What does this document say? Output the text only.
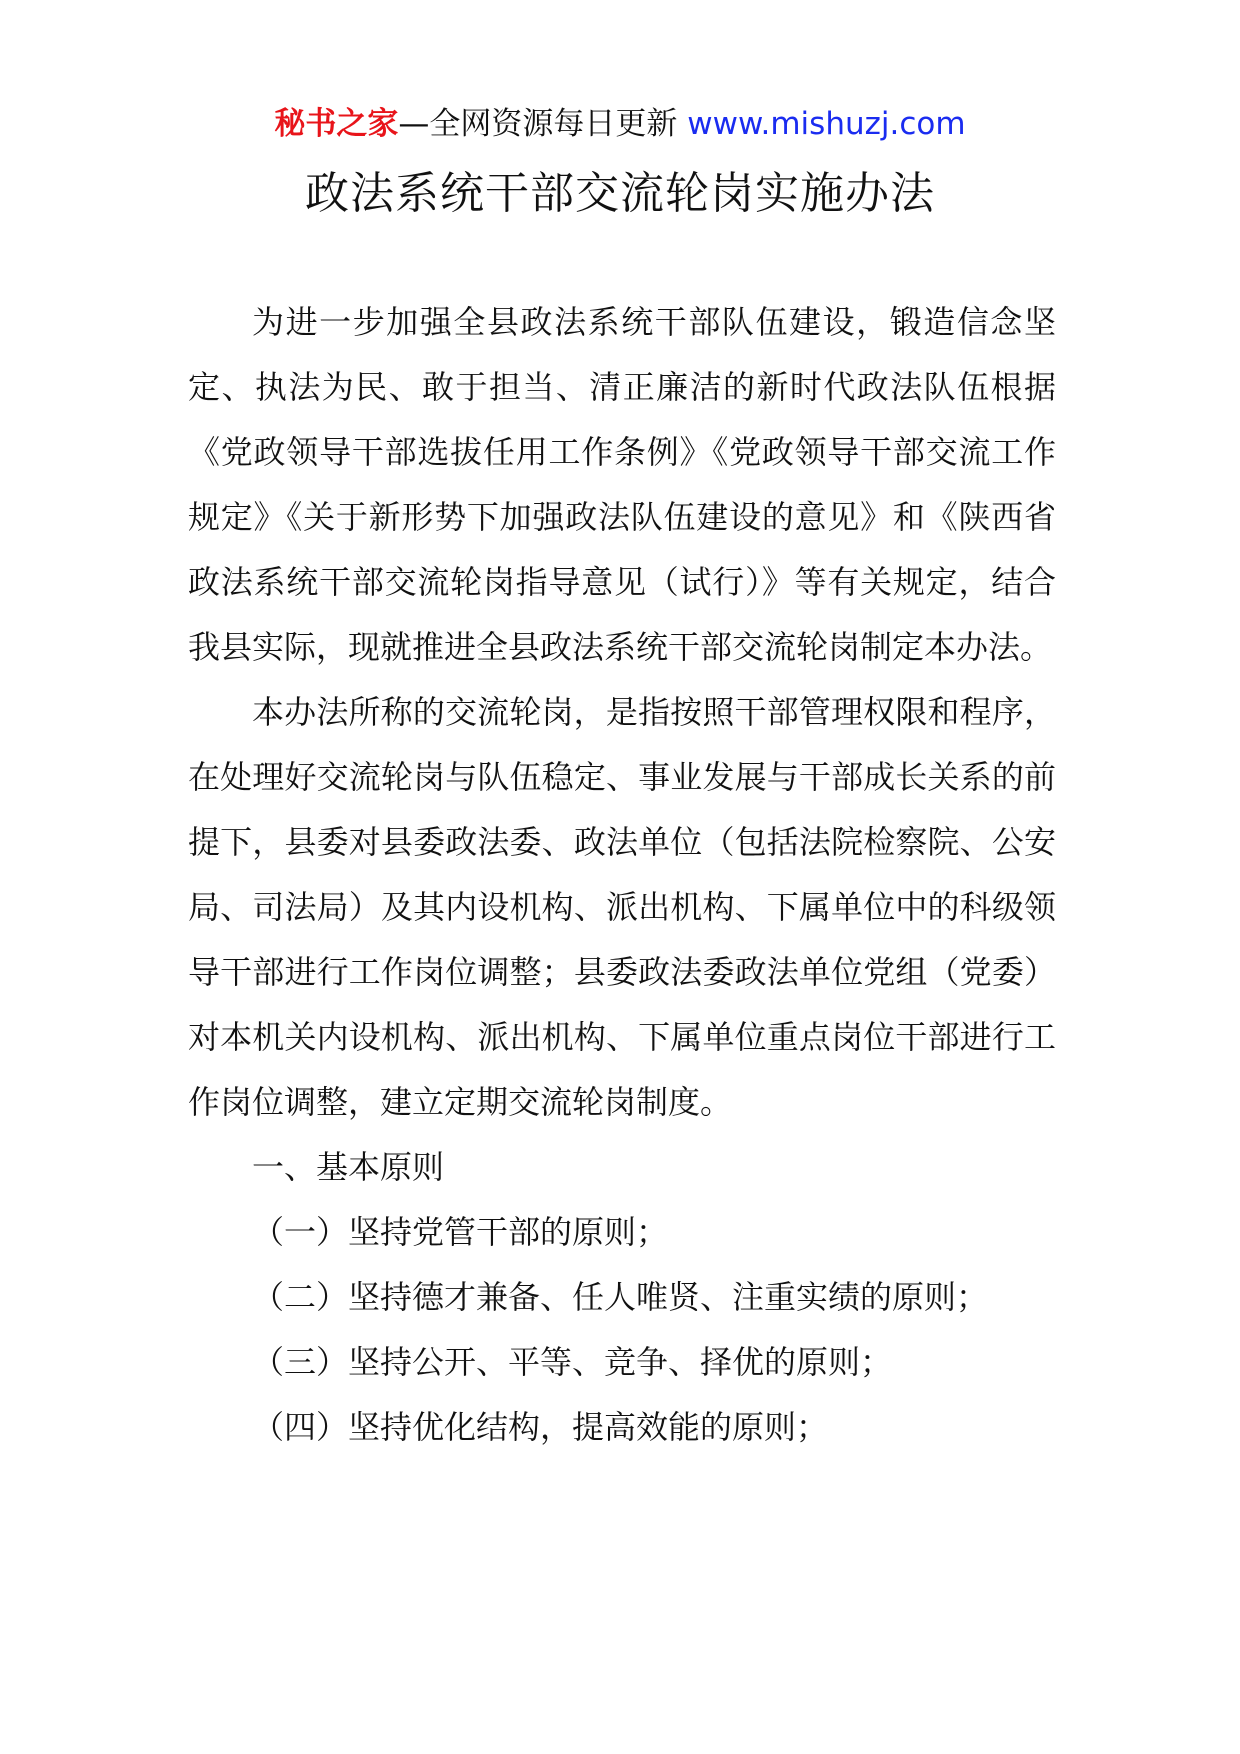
秘书之家—全网资源每日更新 www.mishuzj.com
政法系统干部交流轮岗实施办法

为进一步加强全县政法系统干部队伍建设，锻造信念坚定、执法为民、敢于担当、清正廉洁的新时代政法队伍根据《党政领导干部选拔任用工作条例》《党政领导干部交流工作规定》《关于新形势下加强政法队伍建设的意见》和《陕西省政法系统干部交流轮岗指导意见（试行）》等有关规定，结合我县实际，现就推进全县政法系统干部交流轮岗制定本办法。

本办法所称的交流轮岗，是指按照干部管理权限和程序，在处理好交流轮岗与队伍稳定、事业发展与干部成长关系的前提下，县委对县委政法委、政法单位（包括法院检察院、公安局、司法局）及其内设机构、派出机构、下属单位中的科级领导干部进行工作岗位调整；县委政法委政法单位党组（党委）对本机关内设机构、派出机构、下属单位重点岗位干部进行工作岗位调整，建立定期交流轮岗制度。

一、基本原则

（一）坚持党管干部的原则；

（二）坚持德才兼备、任人唯贤、注重实绩的原则；

（三）坚持公开、平等、竞争、择优的原则；

（四）坚持优化结构，提高效能的原则；
